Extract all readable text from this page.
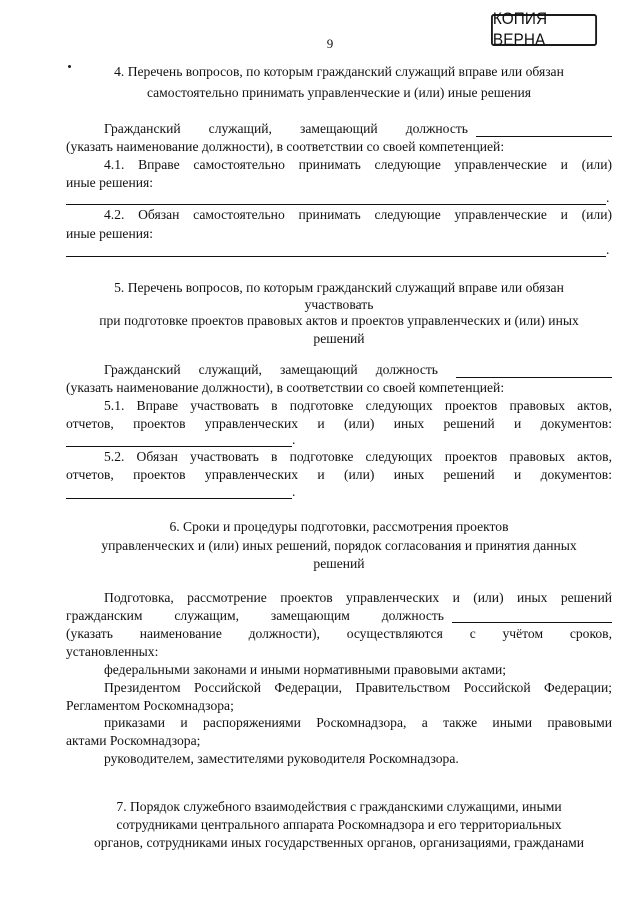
9
КОПИЯ ВЕРНА
4. Перечень вопросов, по которым гражданский служащий вправе или обязан
самостоятельно принимать управленческие и (или) иные решения
Гражданский служащий, замещающий должность
(указать наименование должности), в соответствии со своей компетенцией:
4.1. Вправе самостоятельно принимать следующие управленческие и (или)
иные решения:
.
4.2. Обязан самостоятельно принимать следующие управленческие и (или)
иные решения:
.
5. Перечень вопросов, по которым гражданский служащий вправе или обязан
участвовать
при подготовке проектов правовых актов и проектов управленческих и (или) иных
решений
Гражданский служащий, замещающий должность
(указать наименование должности), в соответствии со своей компетенцией:
5.1. Вправе участвовать в подготовке следующих проектов правовых актов,
отчетов, проектов управленческих и (или) иных решений и документов:
.
5.2. Обязан участвовать в подготовке следующих проектов правовых актов,
отчетов, проектов управленческих и (или) иных решений и документов:
.
6. Сроки и процедуры подготовки, рассмотрения проектов
управленческих и (или) иных решений, порядок согласования и принятия данных
решений
Подготовка, рассмотрение проектов управленческих и (или) иных решений
гражданским служащим, замещающим должность
(указать наименование должности), осуществляются с учётом сроков,
установленных:
федеральными законами и иными нормативными правовыми актами;
Президентом Российской Федерации, Правительством Российской Федерации;
Регламентом Роскомнадзора;
приказами и распоряжениями Роскомнадзора, а также иными правовыми
актами Роскомнадзора;
руководителем, заместителями руководителя Роскомнадзора.
7. Порядок служебного взаимодействия с гражданскими служащими, иными
сотрудниками центрального аппарата Роскомнадзора и его территориальных
органов, сотрудниками иных государственных органов, организациями, гражданами
